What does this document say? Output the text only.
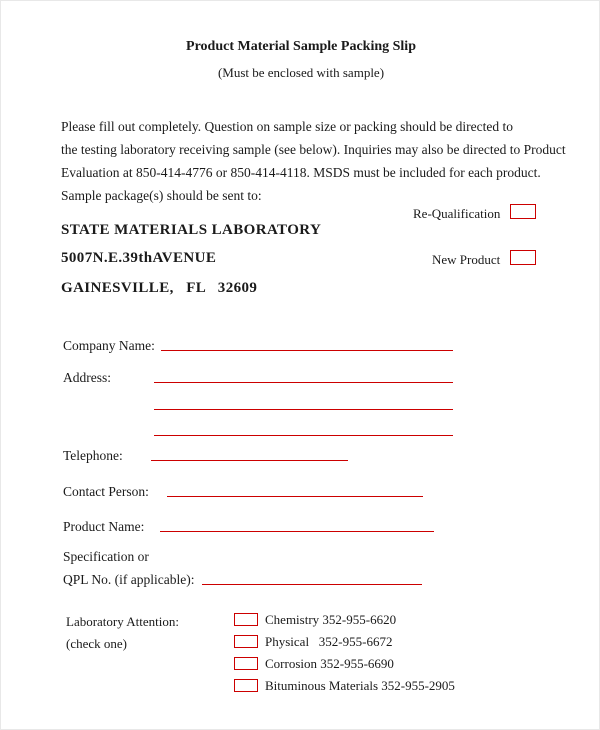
Product Material Sample Packing Slip
(Must be enclosed with sample)
Please fill out completely. Question on sample size or packing should be directed to
the testing laboratory receiving sample (see below). Inquiries may also be directed to Product
Evaluation at 850-414-4776 or 850-414-4118. MSDS must be included for each product.
Sample package(s) should be sent to:
Re-Qualification
STATE MATERIALS LABORATORY
5007N.E.39thAVENUE	New Product
GAINESVILLE,   FL   32609
Company Name:
Address:
Telephone:
Contact Person:
Product Name:
Specification or
QPL No. (if applicable):
Laboratory Attention:
(check one)
Chemistry 352-955-6620
Physical   352-955-6672
Corrosion 352-955-6690
Bituminous Materials 352-955-2905
